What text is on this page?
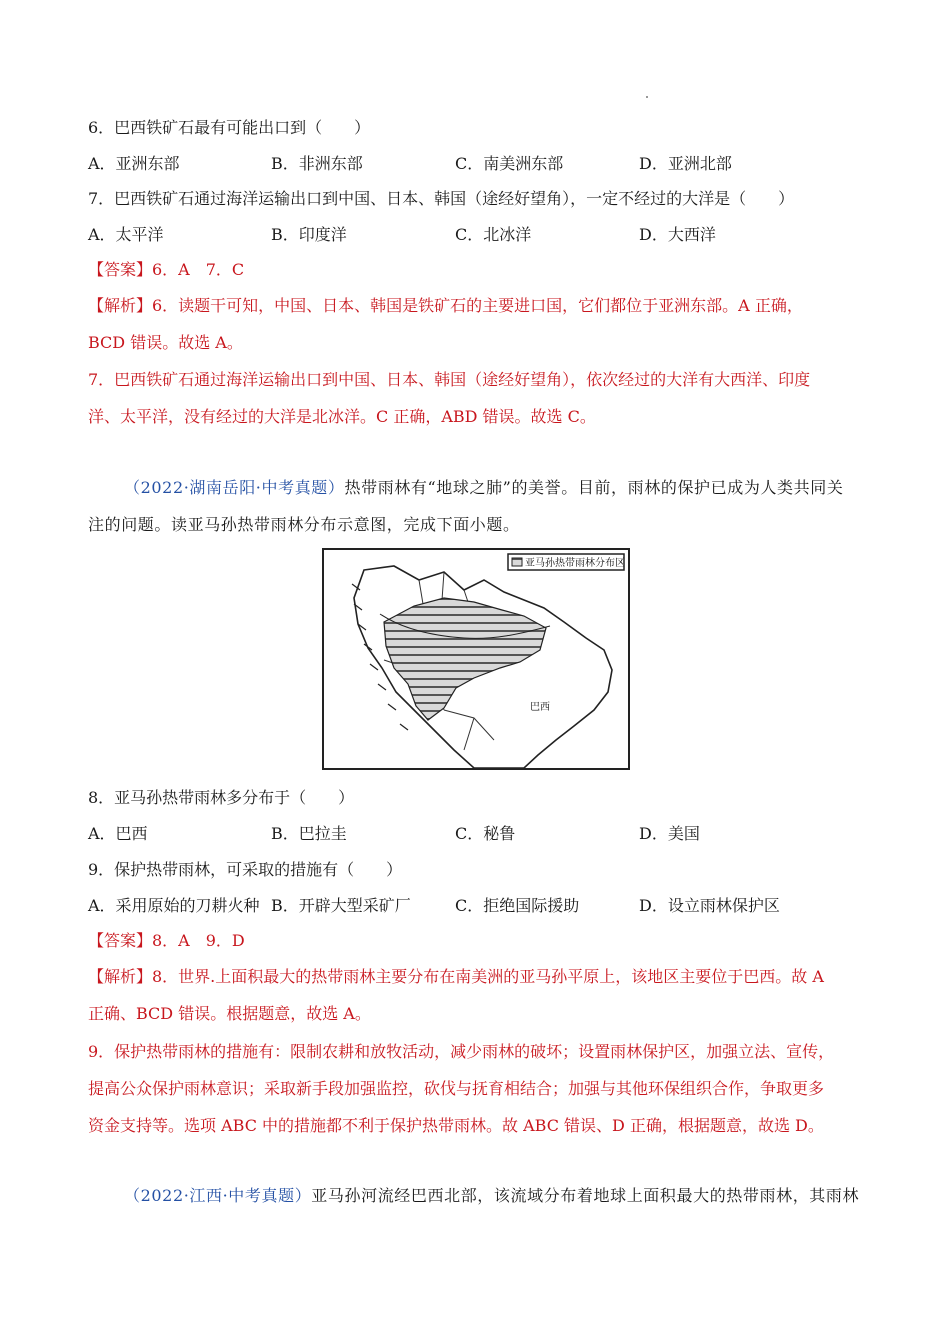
6．巴西铁矿石最有可能出口到（　　）
A．亚洲东部	B．非洲东部	C．南美洲东部	D．亚洲北部
7．巴西铁矿石通过海洋运输出口到中国、日本、韩国（途经好望角），一定不经过的大洋是（　　）
A．太平洋	B．印度洋	C．北冰洋	D．大西洋
【答案】6．A　7．C
【解析】6．读题干可知，中国、日本、韩国是铁矿石的主要进口国，它们都位于亚洲东部。A 正确，
BCD 错误。故选 A。
7．巴西铁矿石通过海洋运输出口到中国、日本、韩国（途经好望角），依次经过的大洋有大西洋、印度
洋、太平洋，没有经过的大洋是北冰洋。C 正确，ABD 错误。故选 C。
（2022·湖南岳阳·中考真题）热带雨林有“地球之肺”的美誉。目前，雨林的保护已成为人类共同关
注的问题。读亚马孙热带雨林分布示意图，完成下面小题。
亚马孙热带雨林分布区
巴西
8．亚马孙热带雨林多分布于（　　）
A．巴西	B．巴拉圭	C．秘鲁	D．美国
9．保护热带雨林，可采取的措施有（　　）
A．采用原始的刀耕火种 B．开辟大型采矿厂	C．拒绝国际援助	D．设立雨林保护区
【答案】8．A　9．D
【解析】8．世界.上面积最大的热带雨林主要分布在南美洲的亚马孙平原上，该地区主要位于巴西。故 A
正确、BCD 错误。根据题意，故选 A。
9．保护热带雨林的措施有：限制农耕和放牧活动，减少雨林的破坏；设置雨林保护区，加强立法、宣传，
提高公众保护雨林意识；采取新手段加强监控，砍伐与抚育相结合；加强与其他环保组织合作，争取更多
资金支持等。选项 ABC 中的措施都不利于保护热带雨林。故 ABC 错误、D 正确，根据题意，故选 D。
（2022·江西·中考真题）亚马孙河流经巴西北部，该流域分布着地球上面积最大的热带雨林，其雨林
